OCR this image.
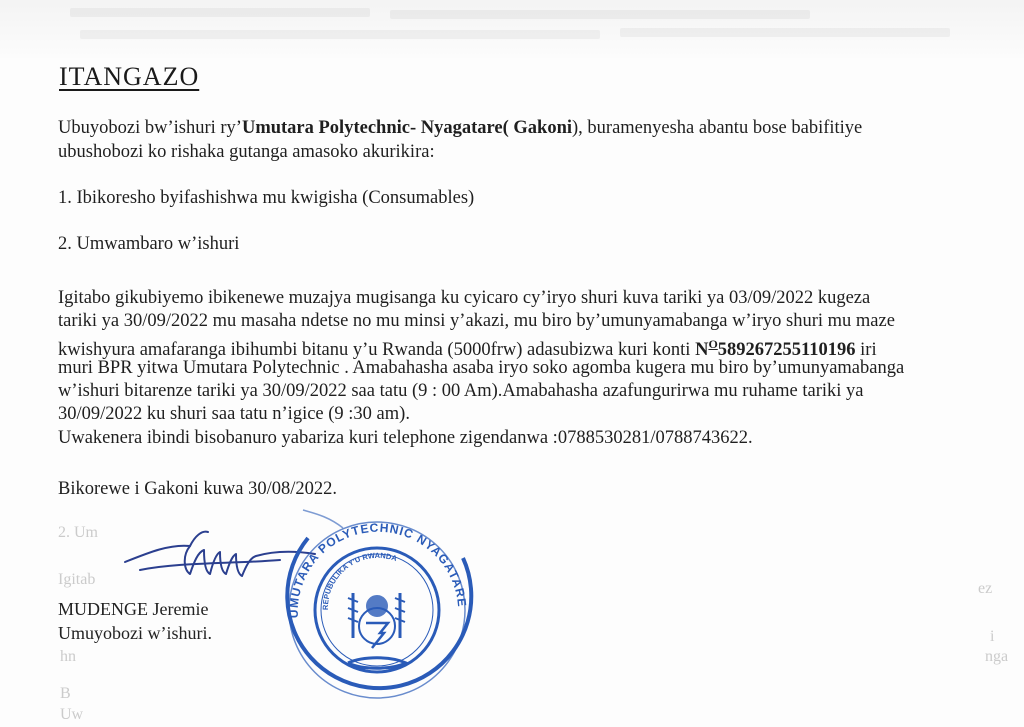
ITANGAZO
Ubuyobozi bw’ishuri ry’Umutara Polytechnic- Nyagatare( Gakoni), buramenyesha abantu bose babifitiye
ubushobozi ko rishaka gutanga amasoko akurikira:
1. Ibikoresho byifashishwa mu kwigisha (Consumables)
2. Umwambaro w’ishuri
Igitabo gikubiyemo ibikenewe muzajya mugisanga ku cyicaro cy’iryo shuri kuva tariki ya 03/09/2022 kugeza
tariki ya 30/09/2022 mu masaha ndetse no mu minsi y’akazi, mu biro by’umunyamabanga w’iryo shuri mu maze
kwishyura amafaranga ibihumbi bitanu y’u Rwanda (5000frw) adasubizwa kuri konti $N^O589267255110196$ iri
muri BPR yitwa Umutara Polytechnic . Amabahasha asaba iryo soko agomba kugera mu biro by’umunyamabanga
w’ishuri bitarenze tariki ya 30/09/2022 saa tatu (9 : 00 Am).Amabahasha azafungurirwa mu ruhame tariki ya
30/09/2022 ku shuri saa tatu n’igice (9 :30 am).
Uwakenera ibindi bisobanuro yabariza kuri telephone zigendanwa :0788530281/0788743622.
Bikorewe i Gakoni kuwa 30/08/2022.
2. Um
Igitab
hn
B
Uw
ez
i
nga
MUDENGE Jeremie
Umuyobozi w’ishuri.
UMUTARA POLYTECHNIC NYAGATARE
REPUBULIKA Y'U RWANDA
